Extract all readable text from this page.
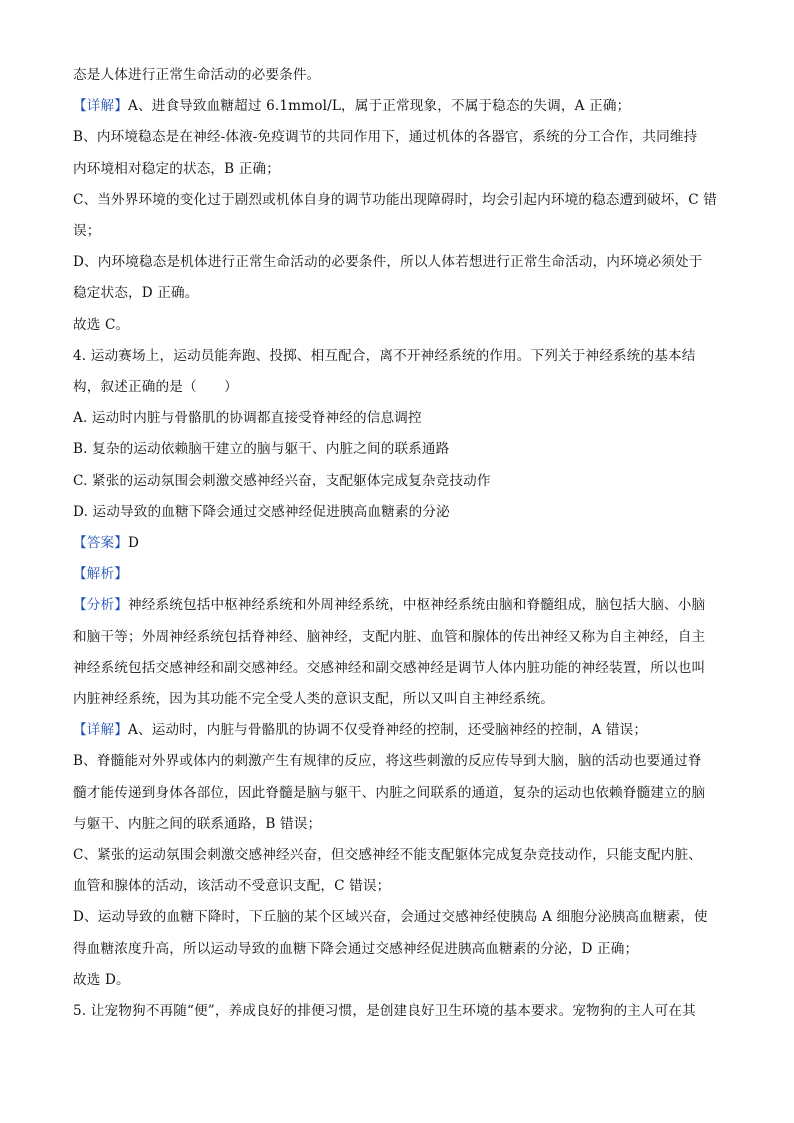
态是人体进行正常生命活动的必要条件。
【详解】A、进食导致血糖超过 6.1mmol/L，属于正常现象，不属于稳态的失调，A 正确；
B、内环境稳态是在神经-体液-免疫调节的共同作用下，通过机体的各器官，系统的分工合作，共同维持
内环境相对稳定的状态，B 正确；
C、当外界环境的变化过于剧烈或机体自身的调节功能出现障碍时，均会引起内环境的稳态遭到破坏，C 错
误；
D、内环境稳态是机体进行正常生命活动的必要条件，所以人体若想进行正常生命活动，内环境必须处于
稳定状态，D 正确。
故选 C。
4. 运动赛场上，运动员能奔跑、投掷、相互配合，离不开神经系统的作用。下列关于神经系统的基本结
构，叙述正确的是（　　）
A. 运动时内脏与骨骼肌的协调都直接受脊神经的信息调控
B. 复杂的运动依赖脑干建立的脑与躯干、内脏之间的联系通路
C. 紧张的运动氛围会刺激交感神经兴奋，支配躯体完成复杂竞技动作
D. 运动导致的血糖下降会通过交感神经促进胰高血糖素的分泌
【答案】D
【解析】
【分析】神经系统包括中枢神经系统和外周神经系统，中枢神经系统由脑和脊髓组成，脑包括大脑、小脑
和脑干等；外周神经系统包括脊神经、脑神经，支配内脏、血管和腺体的传出神经又称为自主神经，自主
神经系统包括交感神经和副交感神经。交感神经和副交感神经是调节人体内脏功能的神经装置，所以也叫
内脏神经系统，因为其功能不完全受人类的意识支配，所以又叫自主神经系统。
【详解】A、运动时，内脏与骨骼肌的协调不仅受脊神经的控制，还受脑神经的控制，A 错误；
B、脊髓能对外界或体内的刺激产生有规律的反应，将这些刺激的反应传导到大脑，脑的活动也要通过脊
髓才能传递到身体各部位，因此脊髓是脑与躯干、内脏之间联系的通道，复杂的运动也依赖脊髓建立的脑
与躯干、内脏之间的联系通路，B 错误；
C、紧张的运动氛围会刺激交感神经兴奋，但交感神经不能支配躯体完成复杂竞技动作，只能支配内脏、
血管和腺体的活动，该活动不受意识支配，C 错误；
D、运动导致的血糖下降时，下丘脑的某个区域兴奋，会通过交感神经使胰岛 A 细胞分泌胰高血糖素，使
得血糖浓度升高，所以运动导致的血糖下降会通过交感神经促进胰高血糖素的分泌，D 正确；
故选 D。
5. 让宠物狗不再随“便”，养成良好的排便习惯，是创建良好卫生环境的基本要求。宠物狗的主人可在其
